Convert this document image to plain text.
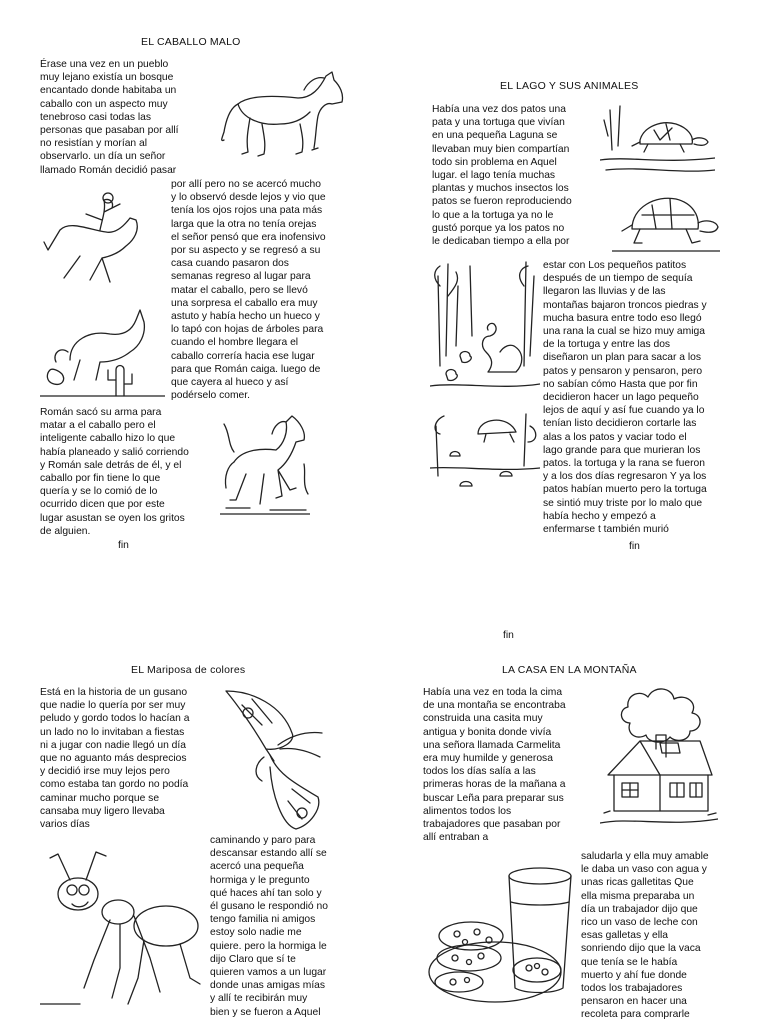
EL CABALLO MALO
Érase una vez en un pueblo
muy lejano existía un bosque
encantado donde habitaba un
caballo con un aspecto muy
tenebroso casi todas las
personas que pasaban por allí
no resistían y morían al
observarlo. un día un señor
llamado Román decidió pasar
por allí pero no se acercó mucho
y lo observó desde lejos y vio que
tenía los ojos rojos una pata más
larga que la otra no tenía orejas
el señor pensó que era inofensivo
por su aspecto y se regresó a su
casa cuando pasaron dos
semanas regreso al lugar para
matar el caballo, pero se llevó
una sorpresa el caballo era muy
astuto y había hecho un hueco y
lo tapó con hojas de árboles para
cuando el hombre llegara el
caballo correría hacia ese lugar
para que Román caiga. luego de
que cayera al hueco y así
podérselo comer.
Román sacó su arma para
matar a el caballo pero el
inteligente caballo hizo lo que
había planeado y salió corriendo
y Román sale detrás de él, y el
caballo por fin tiene lo que
quería y se lo comió de lo
ocurrido dicen que por este
lugar asustan se oyen los gritos
de alguien.
fin
EL LAGO Y SUS ANIMALES
Había una vez dos patos una
pata y una tortuga que vivían
en una pequeña Laguna se
llevaban muy bien compartían
todo sin problema en Aquel
lugar. el lago tenía muchas
plantas y muchos insectos los
patos se fueron reproduciendo
lo que a la tortuga ya no le
gustó porque ya los patos no
le dedicaban tiempo a ella por
estar con Los pequeños patitos
después de un tiempo de sequía
llegaron las lluvias y de las
montañas bajaron troncos piedras y
mucha basura entre todo eso llegó
una rana la cual se hizo muy amiga
de la tortuga y entre las dos
diseñaron un plan para sacar a los
patos y pensaron y pensaron, pero
no sabían cómo Hasta que por fin
decidieron hacer un lago pequeño
lejos de aquí y así fue cuando ya lo
tenían listo decidieron cortarle las
alas a los patos y vaciar todo el
lago grande para que murieran los
patos. la tortuga y la rana se fueron
y a los dos días regresaron Y ya los
patos habían muerto pero la tortuga
se sintió muy triste por lo malo que
había hecho y empezó a
enfermarse t también murió
fin
fin
EL Mariposa de colores
Está en la historia de un gusano
que nadie lo quería por ser muy
peludo y gordo todos lo hacían a
un lado no lo invitaban a fiestas
ni a jugar con nadie llegó un día
que no aguanto más desprecios
y decidió irse muy lejos pero
como estaba tan gordo no podía
caminar mucho porque se
cansaba muy ligero llevaba
varios días
caminando y paro para
descansar estando allí se
acercó una pequeña
hormiga y le pregunto
qué haces ahí tan solo y
él gusano le respondió no
tengo familia ni amigos
estoy solo nadie me
quiere. pero la hormiga le
dijo Claro que sí te
quieren vamos a un lugar
donde unas amigas mías
y allí te recibirán muy
bien y se fueron a Aquel
LA CASA EN LA MONTAÑA
Había una vez en toda la cima
de una montaña se encontraba
construida una casita muy
antigua y bonita donde vivía
una señora llamada Carmelita
era muy humilde y generosa
todos los días salía a las
primeras horas de la mañana a
buscar Leña para preparar sus
alimentos todos los
trabajadores que pasaban por
allí entraban a
saludarla y ella muy amable
le daba un vaso con agua y
unas ricas galletitas Que
ella misma preparaba un
día un trabajador dijo que
rico un vaso de leche con
esas galletas y ella
sonriendo dijo que la vaca
que tenía se le había
muerto y ahí fue donde
todos los trabajadores
pensaron en hacer una
recoleta para comprarle
